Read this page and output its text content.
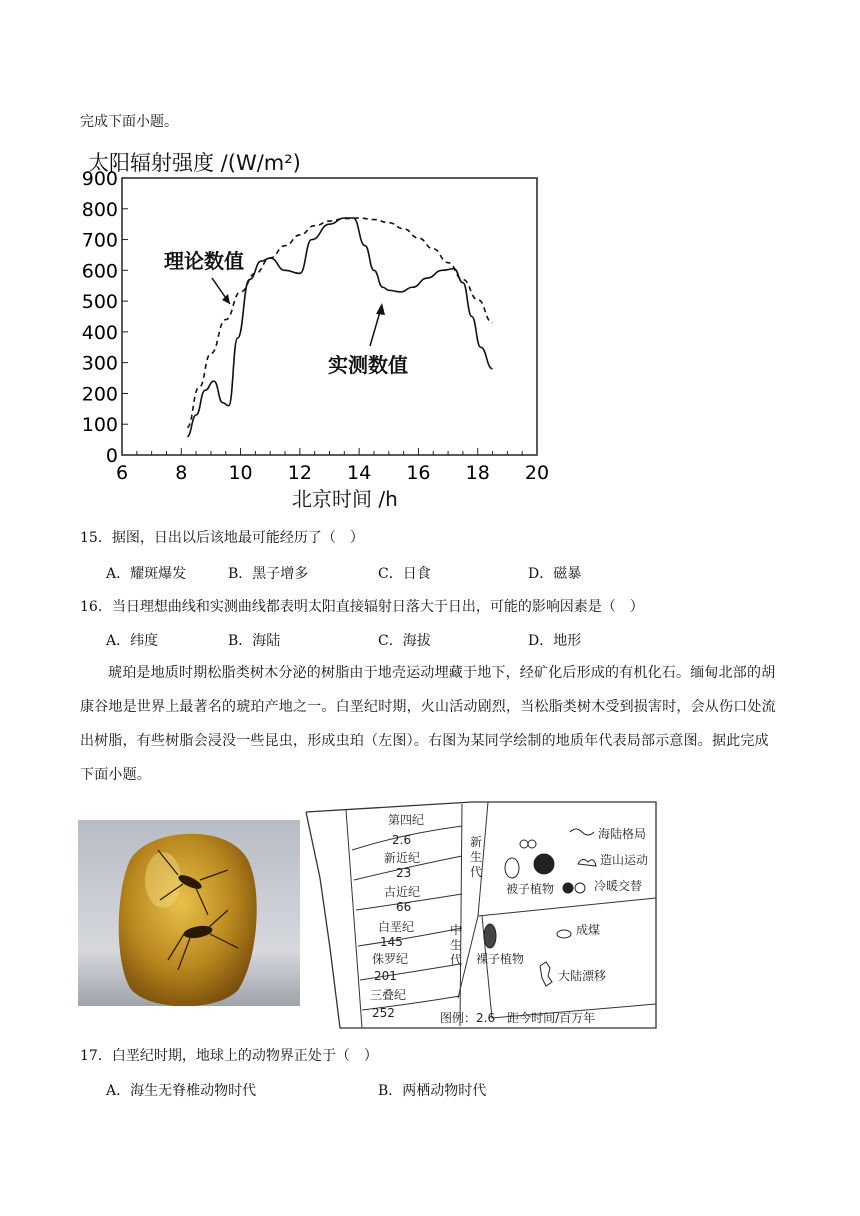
完成下面小题。
太阳辐射强度 /(W/m²)
0
100
200
300
400
500
600
700
800
900
6 8 10 12 14 16 18 20
理论数值
实测数值
北京时间 /h
15．据图，日出以后该地最可能经历了（　）
A．耀斑爆发	B．黑子增多	C．日食	D．磁暴
16．当日理想曲线和实测曲线都表明太阳直接辐射日落大于日出，可能的影响因素是（　）
A．纬度	B．海陆	C．海拔	D．地形
琥珀是地质时期松脂类树木分泌的树脂由于地壳运动埋藏于地下，经矿化后形成的有机化石。缅甸北部的胡康谷地是世界上最著名的琥珀产地之一。白垩纪时期，火山活动剧烈，当松脂类树木受到损害时，会从伤口处流出树脂，有些树脂会浸没一些昆虫，形成虫珀（左图）。右图为某同学绘制的地质年代表局部示意图。据此完成下面小题。
第四纪
2.6
新近纪
23
古近纪
66
白垩纪
145
侏罗纪
201
三叠纪
252
新生代
中生代
海陆格局
造山运动
被子植物	冷暖交替
成煤
裸子植物
大陆漂移
图例：2.6　距今时间/百万年
17．白垩纪时期，地球上的动物界正处于（　）
A．海生无脊椎动物时代	B．两栖动物时代
